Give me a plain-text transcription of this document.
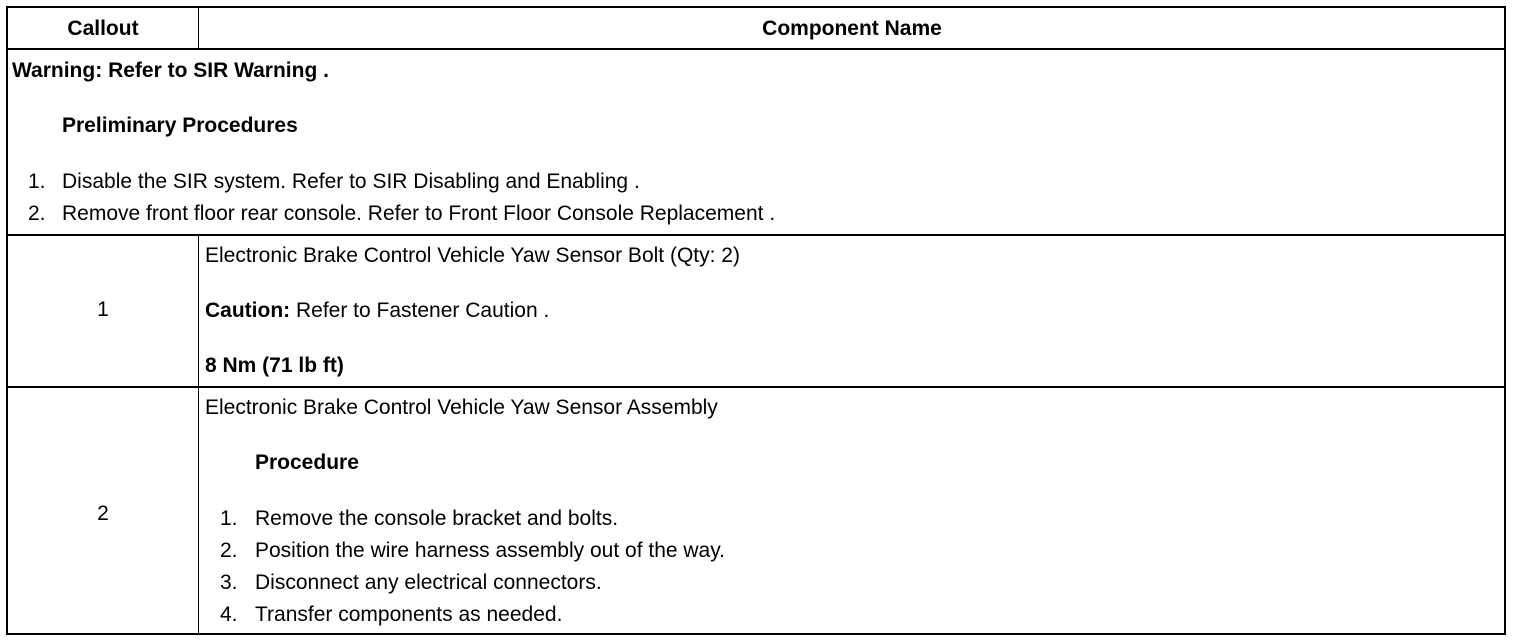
Callout	Component Name
Warning: Refer to SIR Warning .
Preliminary Procedures
1. Disable the SIR system. Refer to SIR Disabling and Enabling .
2. Remove front floor rear console. Refer to Front Floor Console Replacement .
1
Electronic Brake Control Vehicle Yaw Sensor Bolt (Qty: 2)
Caution: Refer to Fastener Caution .
8 Nm (71 lb ft)
2
Electronic Brake Control Vehicle Yaw Sensor Assembly
Procedure
1. Remove the console bracket and bolts.
2. Position the wire harness assembly out of the way.
3. Disconnect any electrical connectors.
4. Transfer components as needed.
